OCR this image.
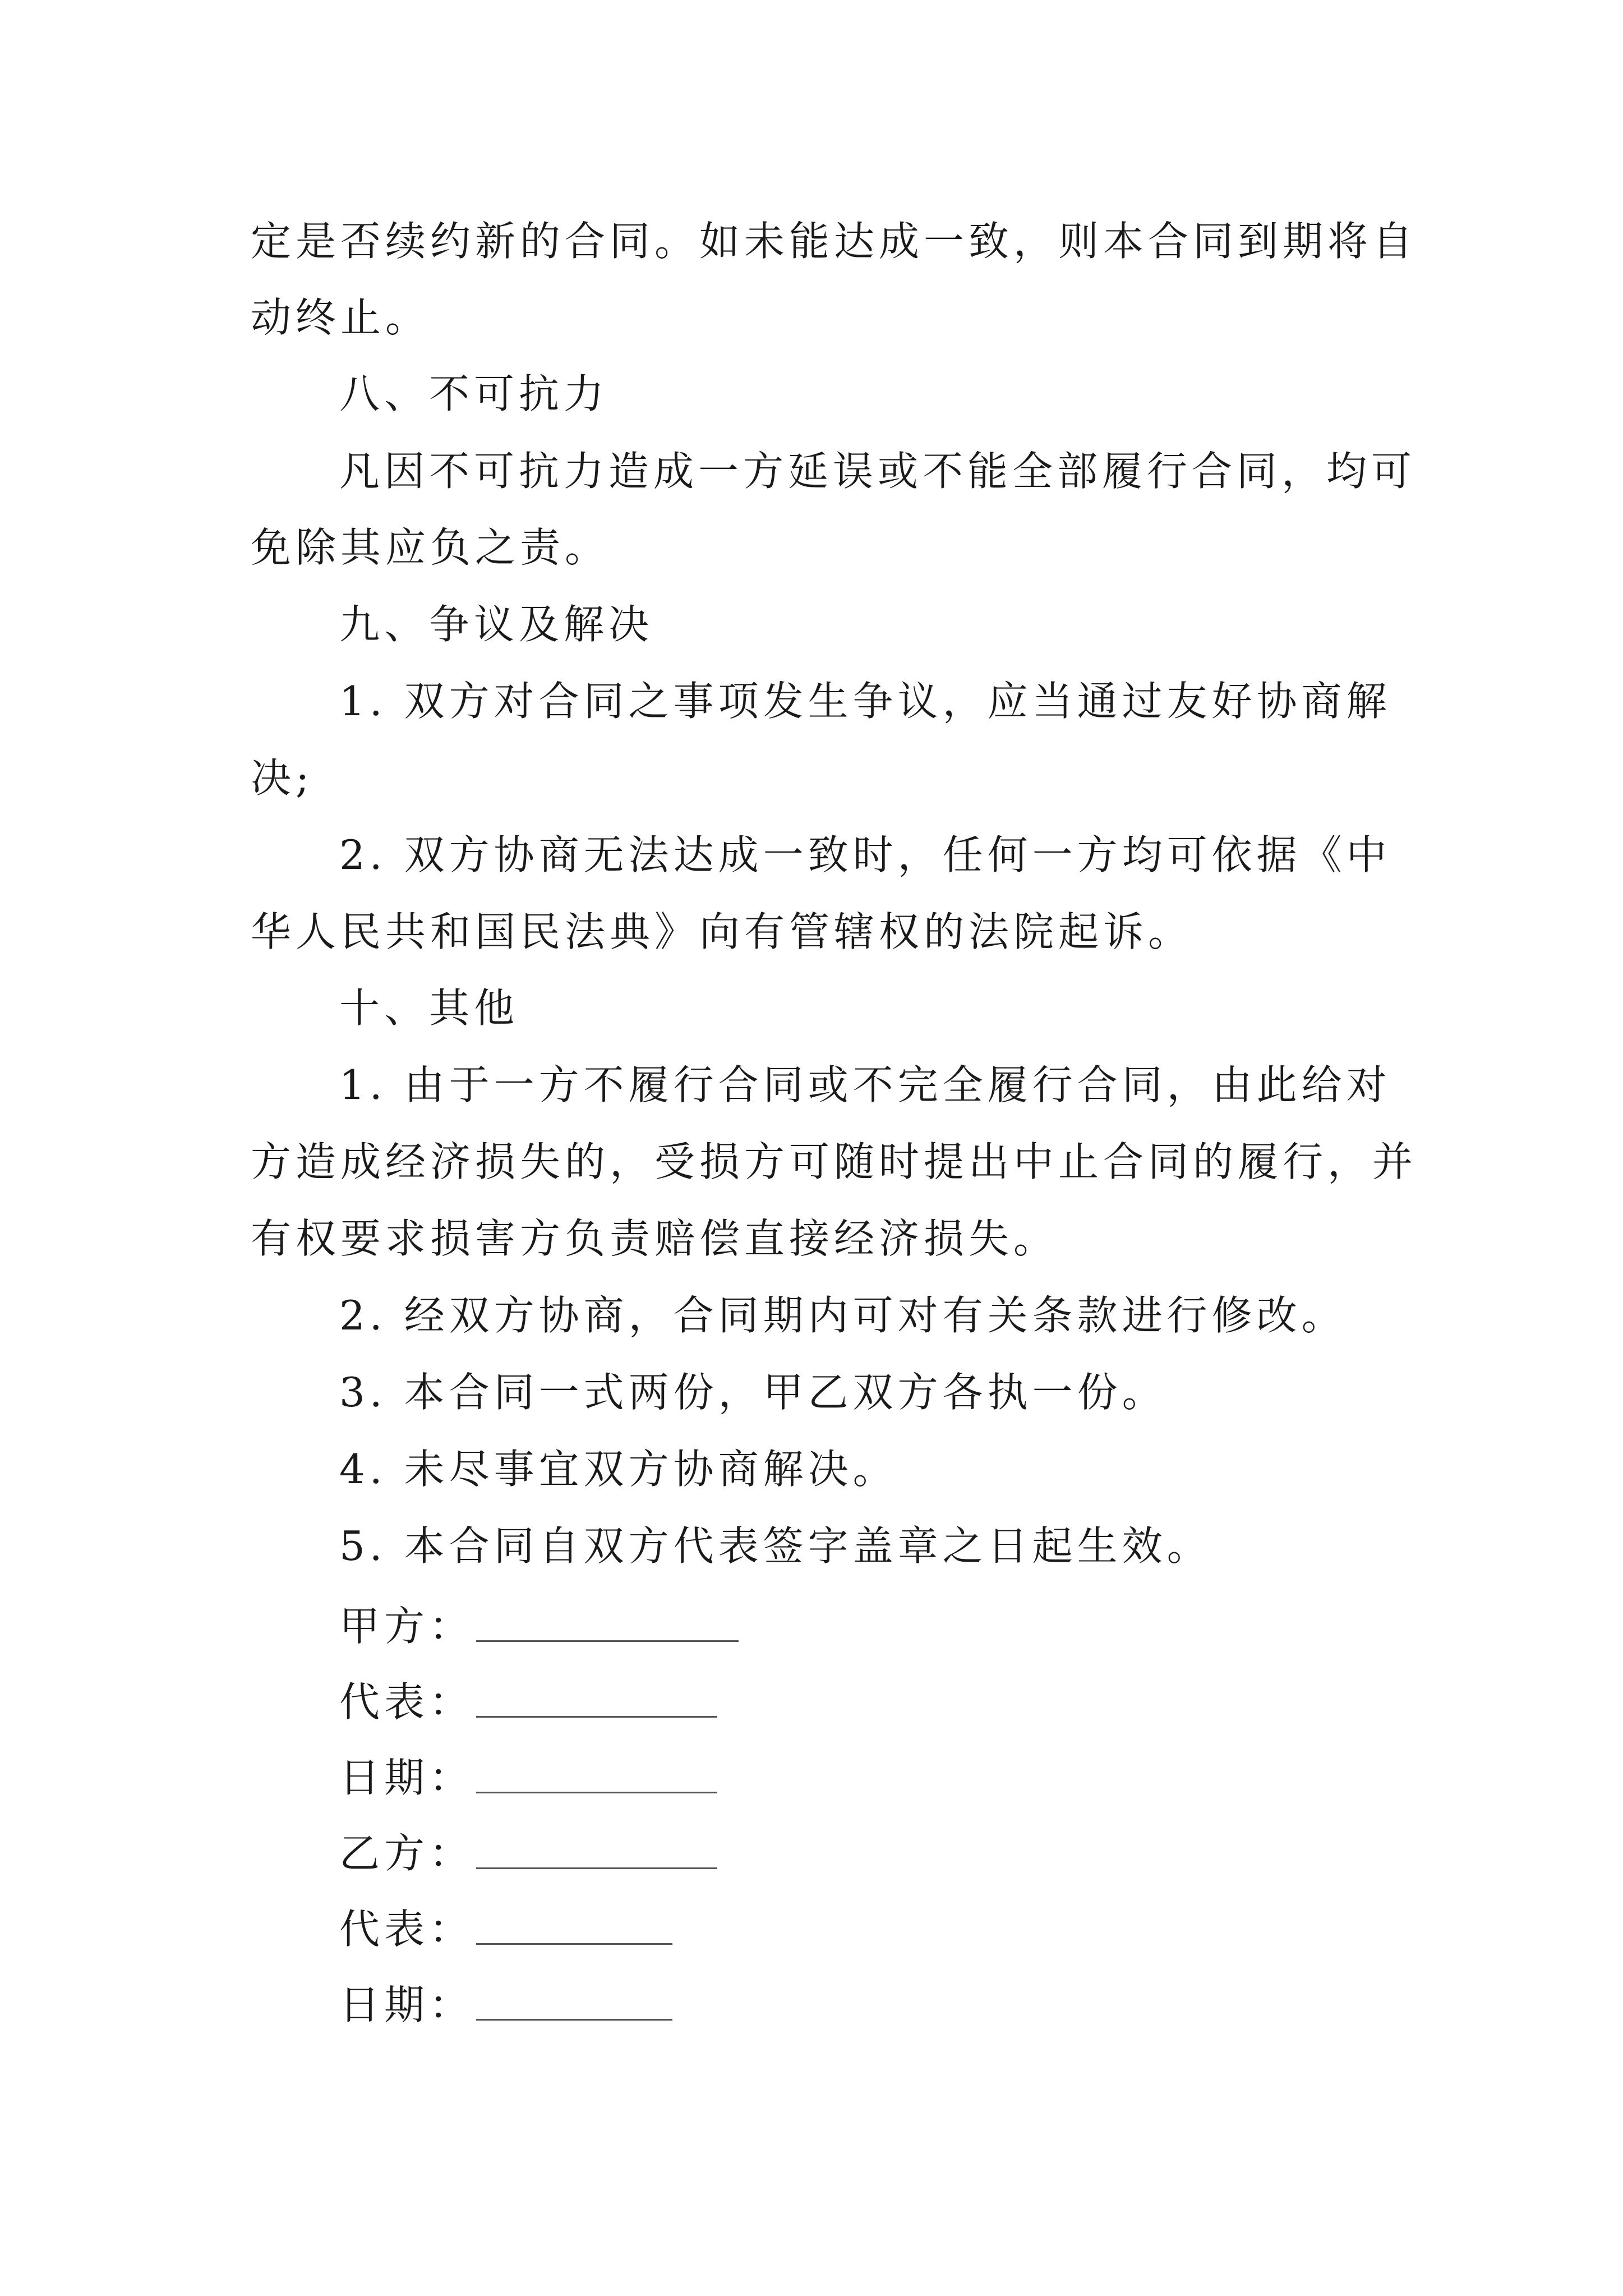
定是否续约新的合同。如未能达成一致，则本合同到期将自
动终止。
八、不可抗力
凡因不可抗力造成一方延误或不能全部履行合同，均可
免除其应负之责。
九、争议及解决
1. 双方对合同之事项发生争议，应当通过友好协商解
决;
2. 双方协商无法达成一致时，任何一方均可依据《中
华人民共和国民法典》向有管辖权的法院起诉。
十、其他
1. 由于一方不履行合同或不完全履行合同，由此给对
方造成经济损失的，受损方可随时提出中止合同的履行，并
有权要求损害方负责赔偿直接经济损失。
2. 经双方协商，合同期内可对有关条款进行修改。
3. 本合同一式两份，甲乙双方各执一份。
4. 未尽事宜双方协商解决。
5. 本合同自双方代表签字盖章之日起生效。
甲方：
代表：
日期：
乙方：
代表：
日期：
